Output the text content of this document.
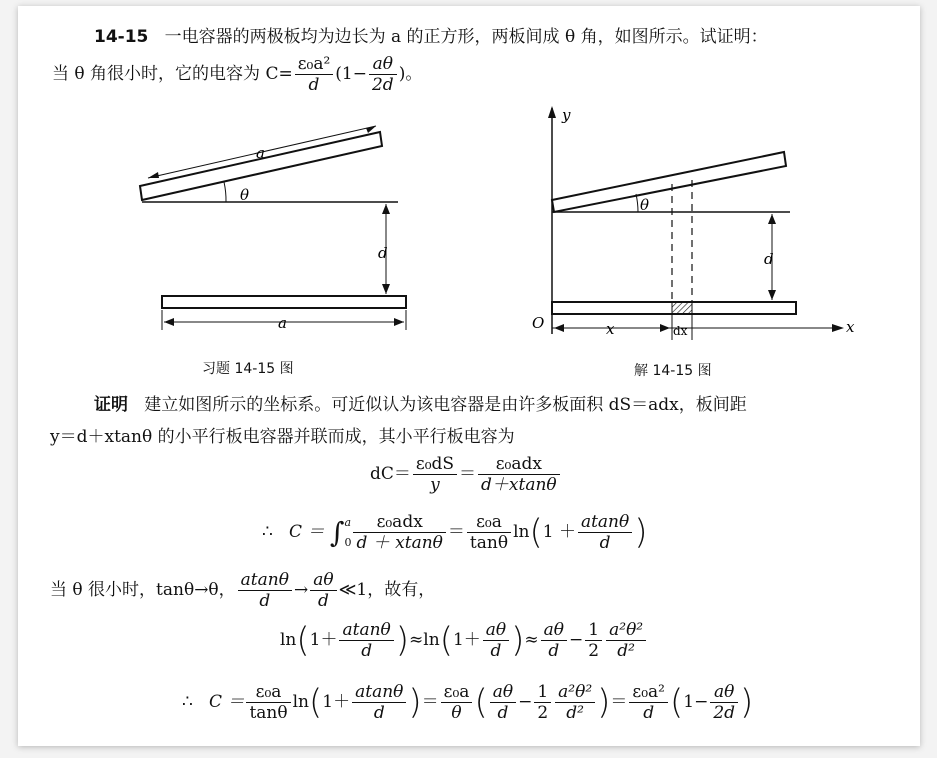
14-15 一电容器的两极板均为边长为 a 的正方形，两板间成 θ 角，如图所示。试证明：
当 θ 角很小时，它的电容为 $C= \frac{\text{ε₀a²}}{d} (1- \frac{a\theta}{2d}$ )。
a
θ
d
a
习题 14-15 图
y
θ
d
x
O	x	dx
解 14-15 图
证明 建立如图所示的坐标系。可近似认为该电容器是由许多板面积 dS＝adx，板间距
y＝d＋xtanθ 的小平行板电容器并联而成，其小平行板电容为
$dC= \frac{\text{ε₀dS}}{y} = \frac{\text{ε₀adx}}{d+xtan\theta}$
∴ C ＝ ∫ a
$0 \frac{\text{ε₀adx}}{d + xtan\theta} = \frac{\text{ε₀a}}{\tan\theta} \ln(1 + \frac{atan\theta}{d}$ )
当 θ 很小时，tanθ→θ， $\frac{atan\theta}{d} \to \frac{a\theta}{d}$ ≪1，故有，
$\ln(1+ \frac{atan\theta}{d} )\approx\ln(1+ \frac{a\theta}{d}$ )≈ $\frac{a\theta}{d} - \frac{1}{2} \frac{\text{a²θ²}}{\text{d²}}$
∴ $C = \frac{\text{ε₀a}}{\tan\theta} \ln(1+ \frac{atan\theta}{d}$ )＝ $\frac{\text{ε₀a}}{\theta}$ ( $\frac{a\theta}{d} - \frac{1}{2} \frac{\text{a²θ²}}{\text{d²}}$ )＝ $\frac{\text{ε₀a²}}{d} (1- \frac{a\theta}{2d}$ )
